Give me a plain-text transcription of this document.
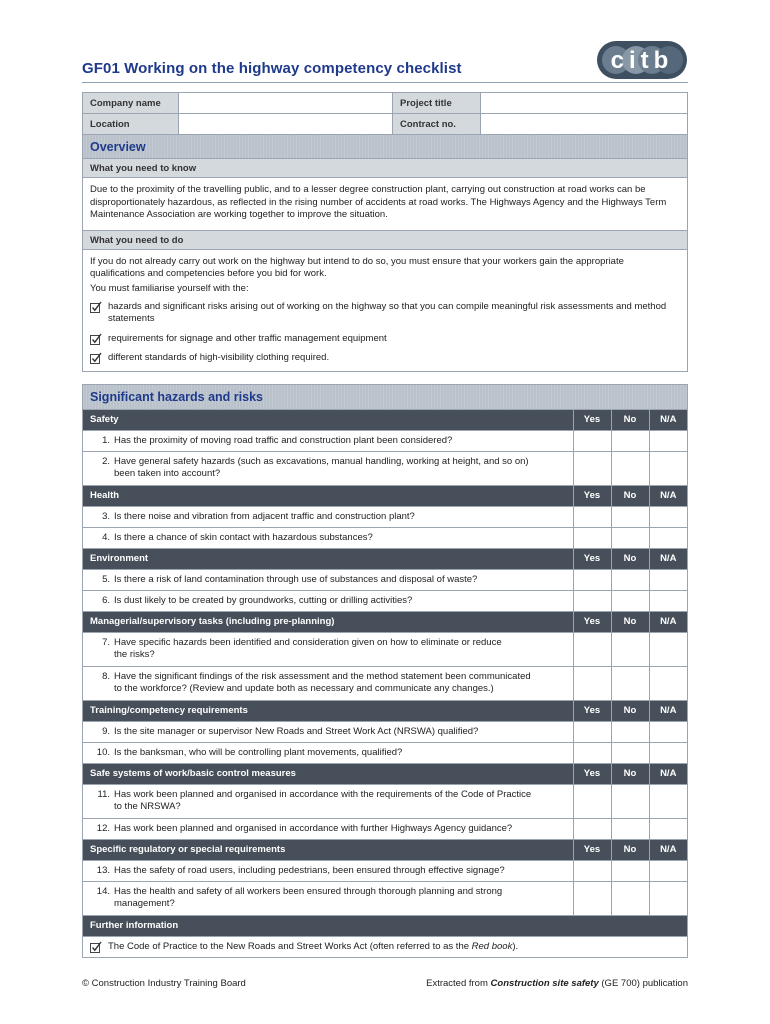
GF01 Working on the highway competency checklist	citb
Company name		Project title	
Location		Contract no.	
Overview
What you need to know

Due to the proximity of the travelling public, and to a lesser degree construction plant, carrying out construction at road works can be disproportionately hazardous, as reflected in the rising number of accidents at road works. The Highways Agency and the Highways Term Maintenance Association are working together to improve the situation.

What you need to do

If you do not already carry out work on the highway but intend to do so, you must ensure that your workers gain the appropriate qualifications and competencies before you bid for work.

You must familiarise yourself with the:

hazards and significant risks arising out of working on the highway so that you can compile meaningful risk assessments and method statements
requirements for signage and other traffic management equipment
different standards of high-visibility clothing required.
Significant hazards and risks
Safety	Yes	No	N/A
1. Has the proximity of moving road traffic and construction plant been considered?			
2. Have general safety hazards (such as excavations, manual handling, working at height, and so on)
been taken into account?			

Health	Yes	No	N/A
3. Is there noise and vibration from adjacent traffic and construction plant?			
4. Is there a chance of skin contact with hazardous substances?			
Environment	Yes	No	N/A
5. Is there a risk of land contamination through use of substances and disposal of waste?			
6. Is dust likely to be created by groundworks, cutting or drilling activities?			
Managerial/supervisory tasks (including pre-planning)	Yes	No	N/A
7. Have specific hazards been identified and consideration given on how to eliminate or reduce
the risks?			

8. Have the significant findings of the risk assessment and the method statement been communicated
to the workforce? (Review and update both as necessary and communicate any changes.)			

Training/competency requirements	Yes	No	N/A
9. Is the site manager or supervisor New Roads and Street Work Act (NRSWA) qualified?			
10. Is the banksman, who will be controlling plant movements, qualified?			
Safe systems of work/basic control measures	Yes	No	N/A
11. Has work been planned and organised in accordance with the requirements of the Code of Practice
to the NRSWA?			

12. Has work been planned and organised in accordance with further Highways Agency guidance?			
Specific regulatory or special requirements	Yes	No	N/A
13. Has the safety of road users, including pedestrians, been ensured through effective signage?			
14. Has the health and safety of all workers been ensured through thorough planning and strong
management?			

Further information			

The Code of Practice to the New Roads and Street Works Act (often referred to as the Red book).			
© Construction Industry Training Board	Extracted from Construction site safety (GE 700) publication
